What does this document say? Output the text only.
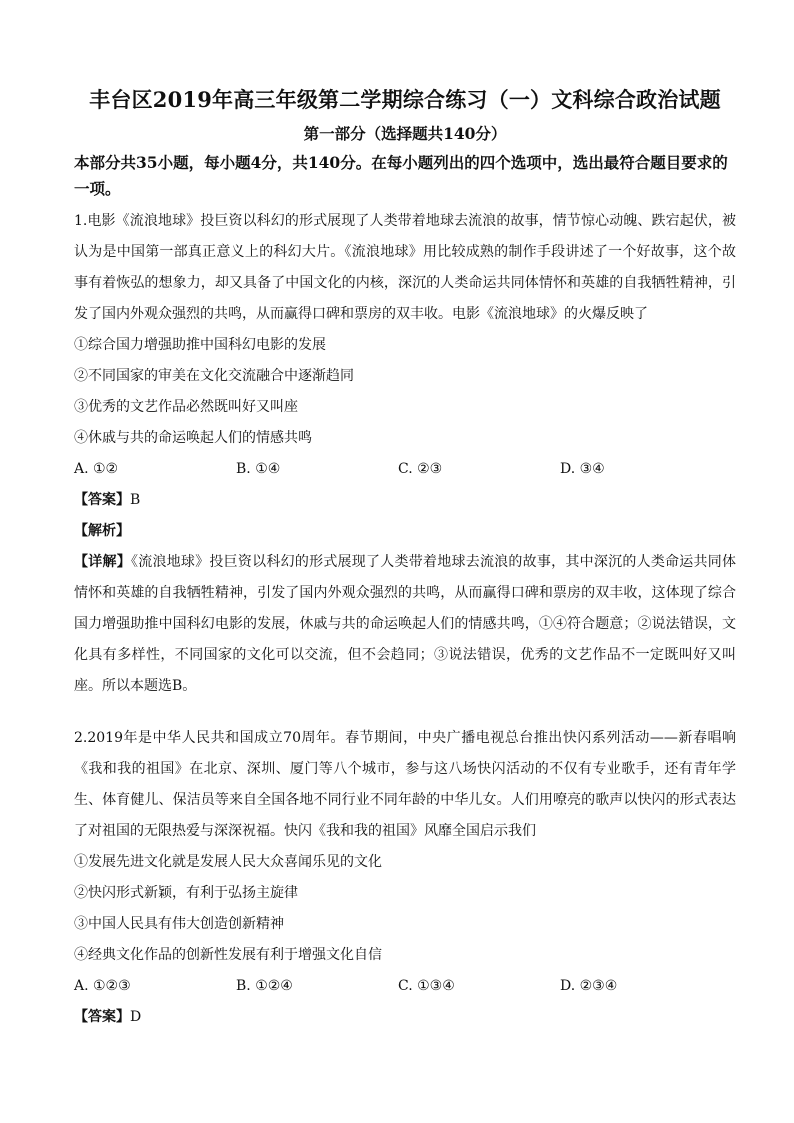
丰台区2019年高三年级第二学期综合练习（一）文科综合政治试题
第一部分（选择题共140分）
本部分共35小题，每小题4分，共140分。在每小题列出的四个选项中，选出最符合题目要求的一项。

1.电影《流浪地球》投巨资以科幻的形式展现了人类带着地球去流浪的故事，情节惊心动魄、跌宕起伏，被认为是中国第一部真正意义上的科幻大片。《流浪地球》用比较成熟的制作手段讲述了一个好故事，这个故事有着恢弘的想象力，却又具备了中国文化的内核，深沉的人类命运共同体情怀和英雄的自我牺牲精神，引发了国内外观众强烈的共鸣，从而赢得口碑和票房的双丰收。电影《流浪地球》的火爆反映了

①综合国力增强助推中国科幻电影的发展

②不同国家的审美在文化交流融合中逐渐趋同

③优秀的文艺作品必然既叫好又叫座

④休戚与共的命运唤起人们的情感共鸣

A. ①②	B. ①④	C. ②③	D. ③④

【答案】B

【解析】

【详解】《流浪地球》投巨资以科幻的形式展现了人类带着地球去流浪的故事，其中深沉的人类命运共同体情怀和英雄的自我牺牲精神，引发了国内外观众强烈的共鸣，从而赢得口碑和票房的双丰收，这体现了综合国力增强助推中国科幻电影的发展，休戚与共的命运唤起人们的情感共鸣，①④符合题意；②说法错误，文化具有多样性，不同国家的文化可以交流，但不会趋同；③说法错误，优秀的文艺作品不一定既叫好又叫座。所以本题选B。

2.2019年是中华人民共和国成立70周年。春节期间，中央广播电视总台推出快闪系列活动——新春唱响《我和我的祖国》在北京、深圳、厦门等八个城市，参与这八场快闪活动的不仅有专业歌手，还有青年学生、体育健儿、保洁员等来自全国各地不同行业不同年龄的中华儿女。人们用嘹亮的歌声以快闪的形式表达了对祖国的无限热爱与深深祝福。快闪《我和我的祖国》风靡全国启示我们

①发展先进文化就是发展人民大众喜闻乐见的文化

②快闪形式新颖，有利于弘扬主旋律

③中国人民具有伟大创造创新精神

④经典文化作品的创新性发展有利于增强文化自信

A. ①②③	B. ①②④	C. ①③④	D. ②③④

【答案】D
